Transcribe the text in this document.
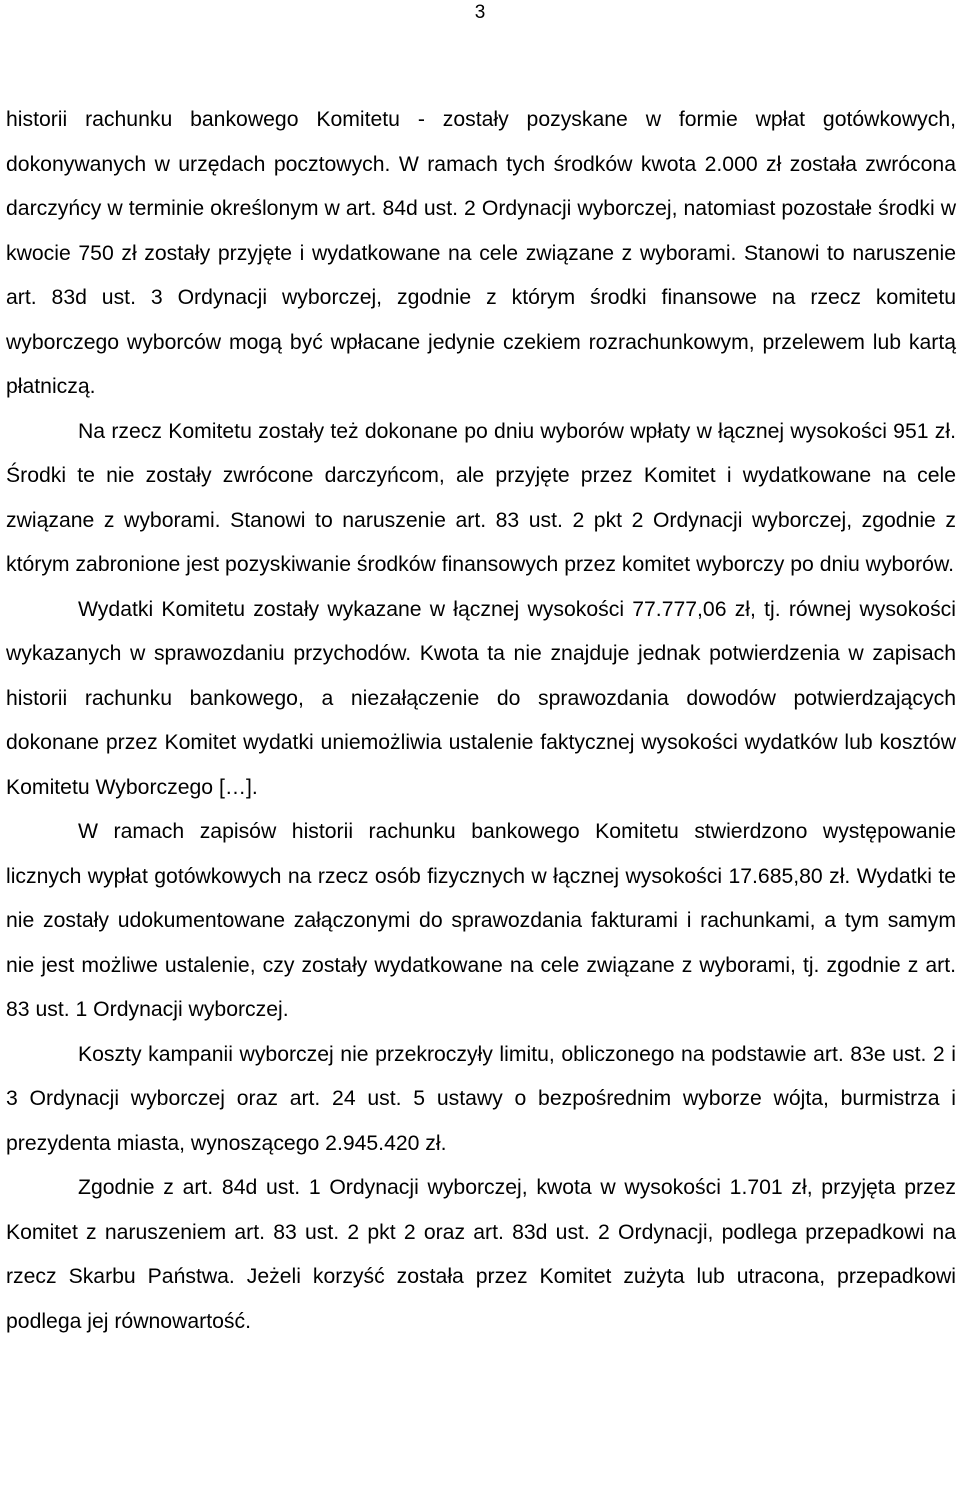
3

historii rachunku bankowego Komitetu - zostały pozyskane w formie wpłat gotówkowych, dokonywanych w urzędach pocztowych. W ramach tych środków kwota 2.000 zł została zwrócona darczyńcy w terminie określonym w art. 84d ust. 2 Ordynacji wyborczej, natomiast pozostałe środki w kwocie 750 zł zostały przyjęte i wydatkowane na cele związane z wyborami. Stanowi to naruszenie art. 83d ust. 3 Ordynacji wyborczej, zgodnie z którym środki finansowe na rzecz komitetu wyborczego wyborców mogą być wpłacane jedynie czekiem rozrachunkowym, przelewem lub kartą płatniczą.

Na rzecz Komitetu zostały też dokonane po dniu wyborów wpłaty w łącznej wysokości 951 zł. Środki te nie zostały zwrócone darczyńcom, ale przyjęte przez Komitet i wydatkowane na cele związane z wyborami. Stanowi to naruszenie art. 83 ust. 2 pkt 2 Ordynacji wyborczej, zgodnie z którym zabronione jest pozyskiwanie środków finansowych przez komitet wyborczy po dniu wyborów.

Wydatki Komitetu zostały wykazane w łącznej wysokości 77.777,06 zł, tj. równej wysokości wykazanych w sprawozdaniu przychodów. Kwota ta nie znajduje jednak potwierdzenia w zapisach historii rachunku bankowego, a niezałączenie do sprawozdania dowodów potwierdzających dokonane przez Komitet wydatki uniemożliwia ustalenie faktycznej wysokości wydatków lub kosztów Komitetu Wyborczego […].

W ramach zapisów historii rachunku bankowego Komitetu stwierdzono występowanie licznych wypłat gotówkowych na rzecz osób fizycznych w łącznej wysokości 17.685,80 zł. Wydatki te nie zostały udokumentowane załączonymi do sprawozdania fakturami i rachunkami, a tym samym nie jest możliwe ustalenie, czy zostały wydatkowane na cele związane z wyborami, tj. zgodnie z art. 83 ust. 1 Ordynacji wyborczej.

Koszty kampanii wyborczej nie przekroczyły limitu, obliczonego na podstawie art. 83e ust. 2 i 3 Ordynacji wyborczej oraz art. 24 ust. 5 ustawy o bezpośrednim wyborze wójta, burmistrza i prezydenta miasta, wynoszącego 2.945.420 zł.

Zgodnie z art. 84d ust. 1 Ordynacji wyborczej, kwota w wysokości 1.701 zł, przyjęta przez Komitet z naruszeniem art. 83 ust. 2 pkt 2 oraz art. 83d ust. 2 Ordynacji, podlega przepadkowi na rzecz Skarbu Państwa. Jeżeli korzyść została przez Komitet zużyta lub utracona, przepadkowi podlega jej równowartość.
